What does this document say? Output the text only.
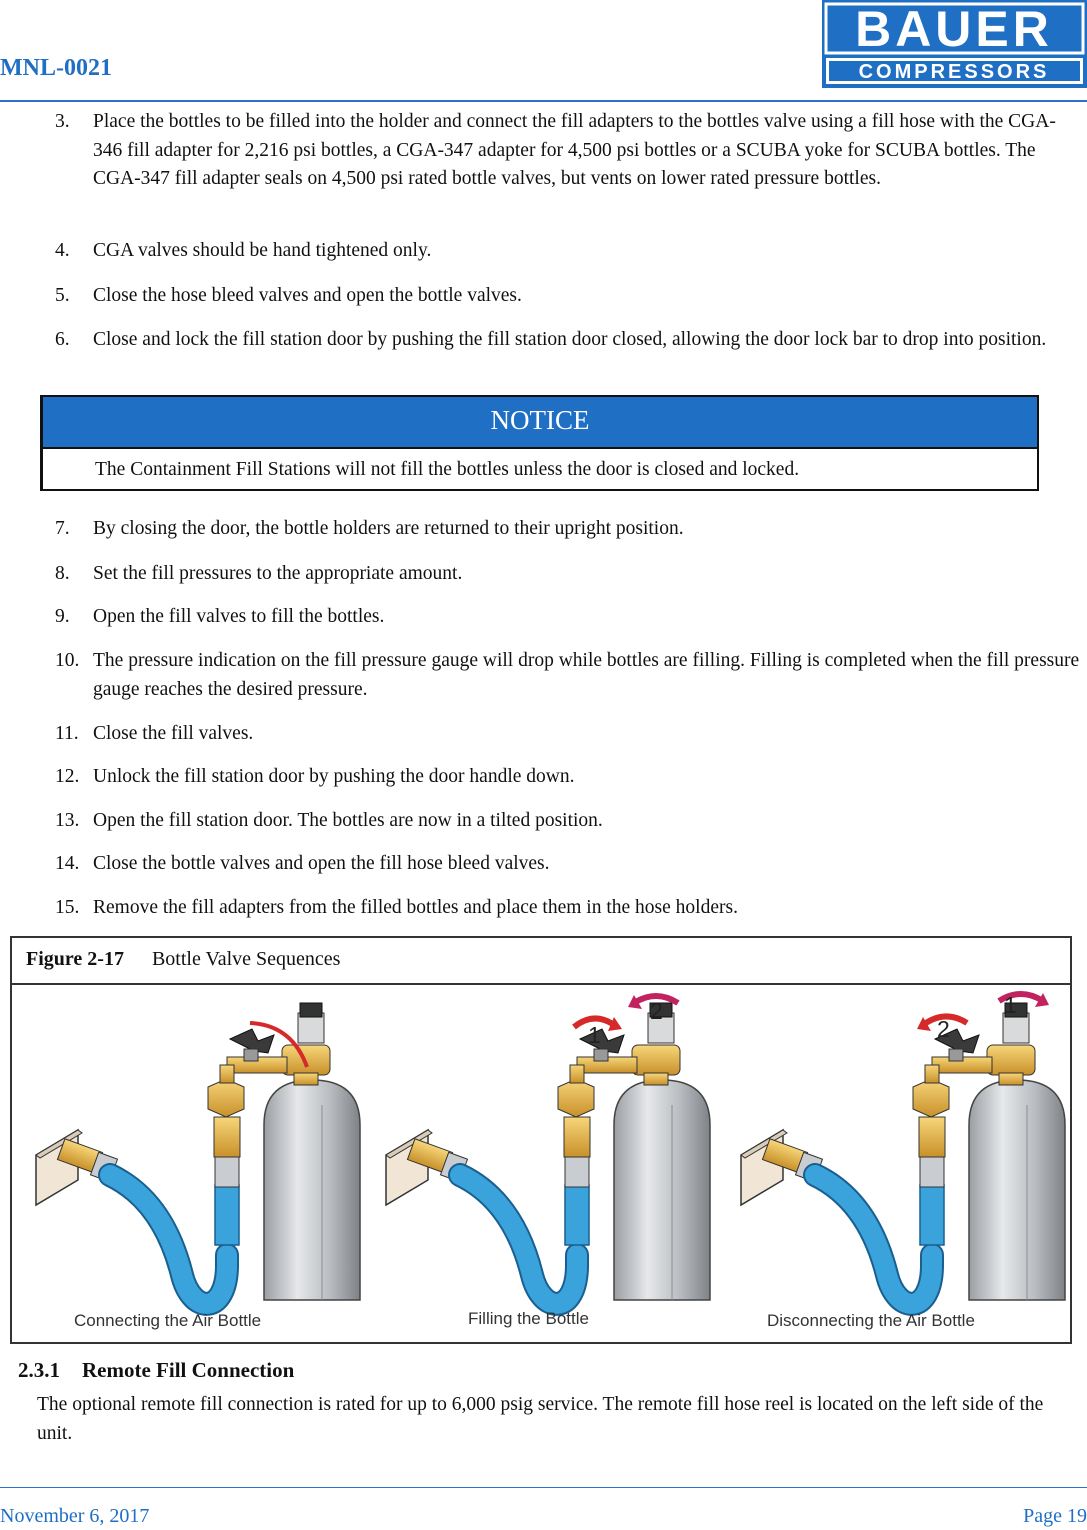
MNL-0021
BAUER
COMPRESSORS
3. Place the bottles to be filled into the holder and connect the fill adapters to the bottles valve using a fill hose with the CGA-346 fill adapter for 2,216 psi bottles, a CGA-347 adapter for 4,500 psi bottles or a SCUBA yoke for SCUBA bottles. The CGA-347 fill adapter seals on 4,500 psi rated bottle valves, but vents on lower rated pressure bottles.
4. CGA valves should be hand tightened only.
5. Close the hose bleed valves and open the bottle valves.
6. Close and lock the fill station door by pushing the fill station door closed, allowing the door lock bar to drop into position.
NOTICE
The Containment Fill Stations will not fill the bottles unless the door is closed and locked.
7. By closing the door, the bottle holders are returned to their upright position.
8. Set the fill pressures to the appropriate amount.
9. Open the fill valves to fill the bottles.
10. The pressure indication on the fill pressure gauge will drop while bottles are filling. Filling is completed when the fill pressure gauge reaches the desired pressure.
11. Close the fill valves.
12. Unlock the fill station door by pushing the door handle down.
13. Open the fill station door. The bottles are now in a tilted position.
14. Close the bottle valves and open the fill hose bleed valves.
15. Remove the fill adapters from the filled bottles and place them in the hose holders.
Figure 2-17 Bottle Valve Sequences
1
2
2
1
Connecting the Air Bottle	Filling the Bottle	Disconnecting the Air Bottle
2.3.1 Remote Fill Connection
The optional remote fill connection is rated for up to 6,000 psig service. The remote fill hose reel is located on the left side of the unit.
November 6, 2017	Page 19
